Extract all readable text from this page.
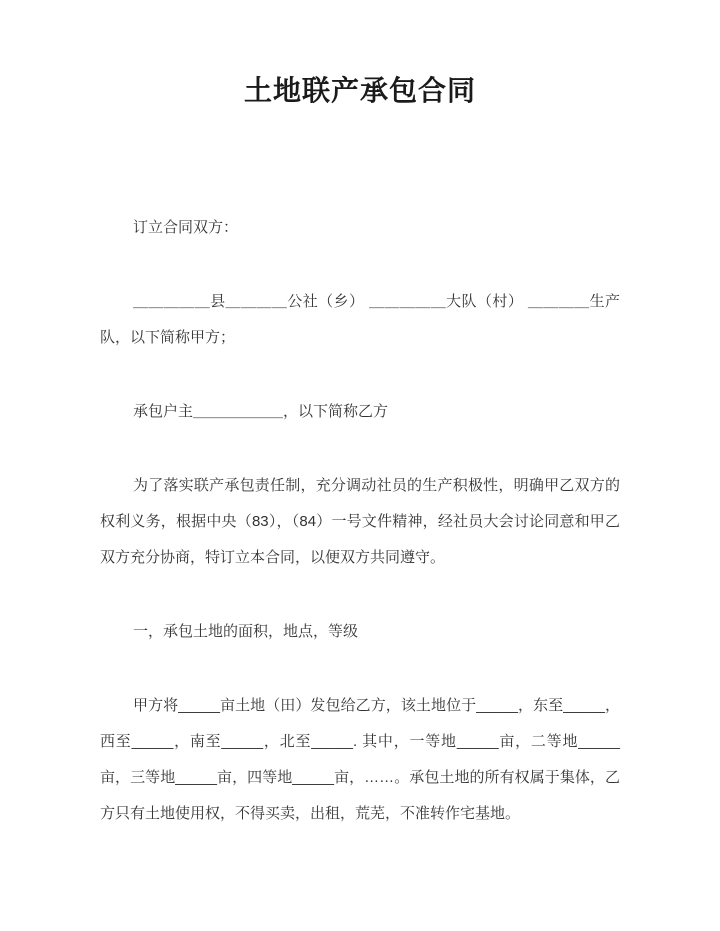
土地联产承包合同

订立合同双方：

＿＿＿＿＿县＿＿＿＿公社（乡） ＿＿＿＿＿大队（村） ＿＿＿＿生产队，以下简称甲方；

承包户主＿＿＿＿＿＿，以下简称乙方

为了落实联产承包责任制，充分调动社员的生产积极性，明确甲乙双方的权利义务，根据中央（83），（84）一号文件精神，经社员大会讨论同意和甲乙双方充分协商，特订立本合同，以便双方共同遵守。

一，承包土地的面积，地点，等级

甲方将_____亩土地（田）发包给乙方，该土地位于_____，东至_____，西至_____，南至_____，北至_____. 其中，一等地_____亩，二等地_____亩，三等地_____亩，四等地_____亩，……。承包土地的所有权属于集体，乙方只有土地使用权，不得买卖，出租，荒芜，不准转作宅基地。
